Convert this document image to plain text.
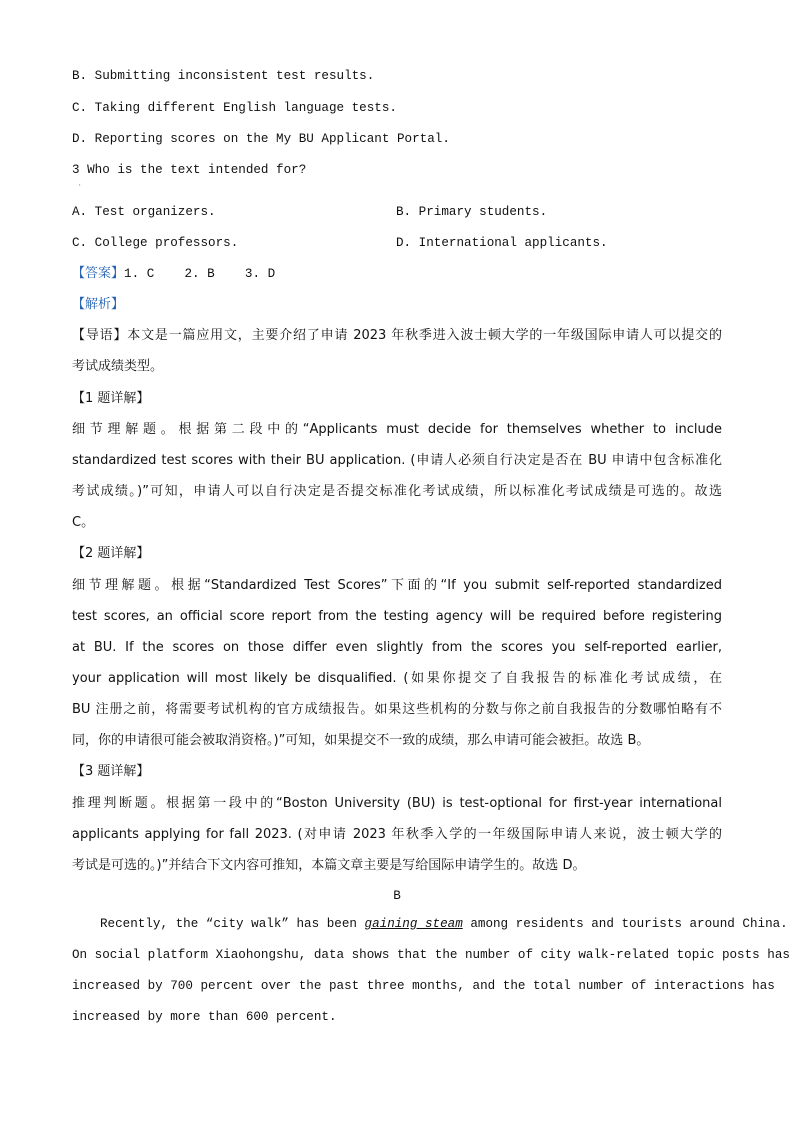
B. Submitting inconsistent test results.
C. Taking different English language tests.
D. Reporting scores on the My BU Applicant Portal.
3 Who is the text intended for?
'
A. Test organizers.	B. Primary students.
C. College professors.	D. International applicants.
【答案】1. C    2. B    3. D
【解析】
【导语】本文是一篇应用文，主要介绍了申请 2023 年秋季进入波士顿大学的一年级国际申请人可以提交的
考试成绩类型。
【1 题详解】
细节理解题。根据第二段中的“Applicants must decide for themselves whether to include
standardized test scores with their BU application. (申请人必须自行决定是否在 BU 申请中包含标准化
考试成绩。)”可知，申请人可以自行决定是否提交标准化考试成绩，所以标准化考试成绩是可选的。故选
C。
【2 题详解】
细节理解题。根据“Standardized Test Scores”下面的“If you submit self-reported standardized
test scores, an official score report from the testing agency will be required before registering
at BU. If the scores on those differ even slightly from the scores you self-reported earlier,
your application will most likely be disqualified. (如果你提交了自我报告的标准化考试成绩，在
BU 注册之前，将需要考试机构的官方成绩报告。如果这些机构的分数与你之前自我报告的分数哪怕略有不
同，你的申请很可能会被取消资格。)”可知，如果提交不一致的成绩，那么申请可能会被拒。故选 B。
【3 题详解】
推理判断题。根据第一段中的“Boston University (BU) is test-optional for first-year international
applicants applying for fall 2023. (对申请 2023 年秋季入学的一年级国际申请人来说，波士顿大学的
考试是可选的。)”并结合下文内容可推知，本篇文章主要是写给国际申请学生的。故选 D。
B
Recently, the “city walk” has been gaining steam among residents and tourists around China.
On social platform Xiaohongshu, data shows that the number of city walk-related topic posts has
increased by 700 percent over the past three months, and the total number of interactions has
increased by more than 600 percent.
